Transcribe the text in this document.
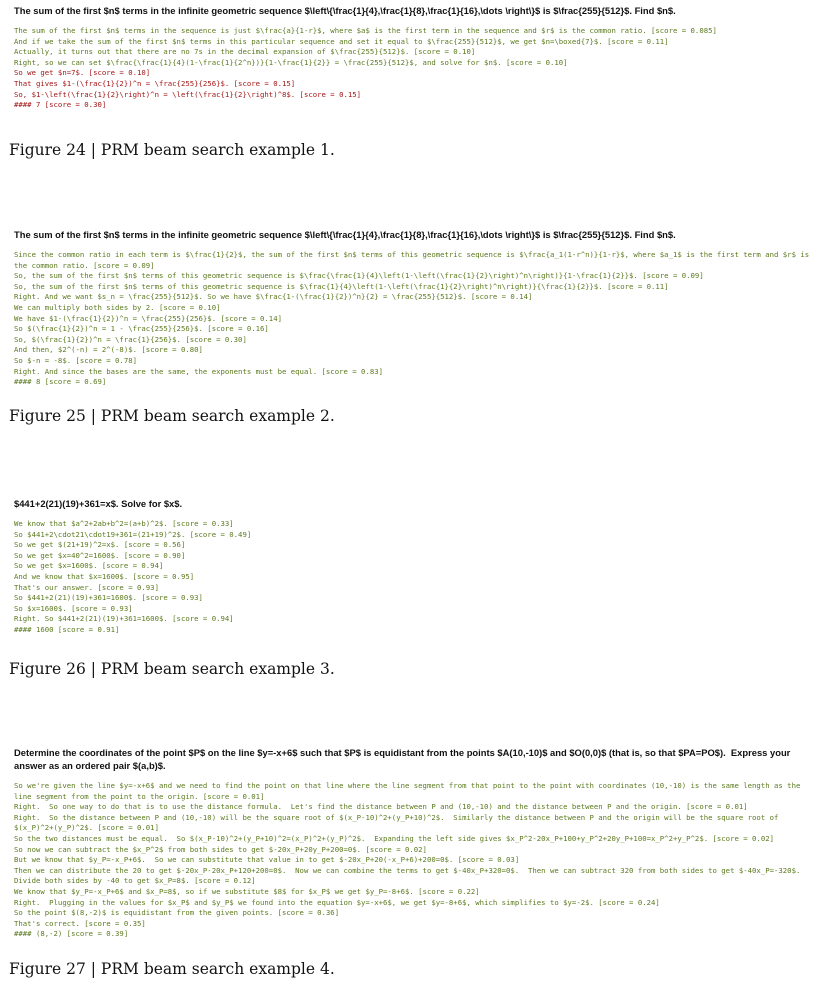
The sum of the first $n$ terms in the infinite geometric sequence $\left\{\frac{1}{4},\frac{1}{8},\frac{1}{16},\dots \right\}$ is $\frac{255}{512}$. Find $n$.
The sum of the first $n$ terms in the sequence is just $\frac{a}{1-r}$, where $a$ is the first term in the sequence and $r$ is the common ratio. [score = 0.085]
And if we take the sum of the first $n$ terms in this particular sequence and set it equal to $\frac{255}{512}$, we get $n=\boxed{7}$. [score = 0.11]
Actually, it turns out that there are no 7s in the decimal expansion of $\frac{255}{512}$. [score = 0.10]
Right, so we can set $\frac{\frac{1}{4}(1-\frac{1}{2^n})}{1-\frac{1}{2}} = \frac{255}{512}$, and solve for $n$. [score = 0.10]
So we get $n=7$. [score = 0.10]
That gives $1-(\frac{1}{2})^n = \frac{255}{256}$. [score = 0.15]
So, $1-\left(\frac{1}{2}\right)^n = \left(\frac{1}{2}\right)^8$. [score = 0.15]
#### 7 [score = 0.30]
Figure 24 | PRM beam search example 1.
The sum of the first $n$ terms in the infinite geometric sequence $\left\{\frac{1}{4},\frac{1}{8},\frac{1}{16},\dots \right\}$ is $\frac{255}{512}$. Find $n$.
Since the common ratio in each term is $\frac{1}{2}$, the sum of the first $n$ terms of this geometric sequence is $\frac{a_1(1-r^n)}{1-r}$, where $a_1$ is the first term and $r$ is the common ratio. [score = 0.09]
So, the sum of the first $n$ terms of this geometric sequence is $\frac{\frac{1}{4}\left(1-\left(\frac{1}{2}\right)^n\right)}{1-\frac{1}{2}}$. [score = 0.09]
So, the sum of the first $n$ terms of this geometric sequence is $\frac{1}{4}\left(1-\left(\frac{1}{2}\right)^n\right)}{\frac{1}{2}}$. [score = 0.11]
Right. And we want $s_n = \frac{255}{512}$. So we have $\frac{1-(\frac{1}{2})^n}{2} = \frac{255}{512}$. [score = 0.14]
We can multiply both sides by 2. [score = 0.10]
We have $1-(\frac{1}{2})^n = \frac{255}{256}$. [score = 0.14]
So $(\frac{1}{2})^n = 1 - \frac{255}{256}$. [score = 0.16]
So, $(\frac{1}{2})^n = \frac{1}{256}$. [score = 0.30]
And then, $2^(-n) = 2^(-8)$. [score = 0.80]
So $-n = -8$. [score = 0.78]
Right. And since the bases are the same, the exponents must be equal. [score = 0.83]
#### 8 [score = 0.69]
Figure 25 | PRM beam search example 2.
$441+2(21)(19)+361=x$. Solve for $x$.
We know that $a^2+2ab+b^2=(a+b)^2$. [score = 0.33]
So $441+2\cdot21\cdot19+361=(21+19)^2$. [score = 0.49]
So we get $(21+19)^2=x$. [score = 0.56]
So we get $x=40^2=1600$. [score = 0.90]
So we get $x=1600$. [score = 0.94]
And we know that $x=1600$. [score = 0.95]
That's our answer. [score = 0.93]
So $441+2(21)(19)+361=1600$. [score = 0.93]
So $x=1600$. [score = 0.93]
Right. So $441+2(21)(19)+361=1600$. [score = 0.94]
#### 1600 [score = 0.91]
Figure 26 | PRM beam search example 3.
Determine the coordinates of the point $P$ on the line $y=-x+6$ such that $P$ is equidistant from the points $A(10,-10)$ and $O(0,0)$ (that is, so that $PA=PO$).  Express your answer as an ordered pair $(a,b)$.
So we're given the line $y=-x+6$ and we need to find the point on that line where the line segment from that point to the point with coordinates (10,-10) is the same length as the line segment from the point to the origin. [score = 0.01]
Right.  So one way to do that is to use the distance formula.  Let's find the distance between P and (10,-10) and the distance between P and the origin. [score = 0.01]
Right.  So the distance between P and (10,-10) will be the square root of $(x_P-10)^2+(y_P+10)^2$.  Similarly the distance between P and the origin will be the square root of $(x_P)^2+(y_P)^2$. [score = 0.01]
So the two distances must be equal.  So $(x_P-10)^2+(y_P+10)^2=(x_P)^2+(y_P)^2$.  Expanding the left side gives $x_P^2-20x_P+100+y_P^2+20y_P+100=x_P^2+y_P^2$. [score = 0.02]
So now we can subtract the $x_P^2$ from both sides to get $-20x_P+20y_P+200=0$. [score = 0.02]
But we know that $y_P=-x_P+6$.  So we can substitute that value in to get $-20x_P+20(-x_P+6)+200=0$. [score = 0.03]
Then we can distribute the 20 to get $-20x_P-20x_P+120+200=0$.  Now we can combine the terms to get $-40x_P+320=0$.  Then we can subtract 320 from both sides to get $-40x_P=-320$.  Divide both sides by -40 to get $x_P=8$. [score = 0.12]
We know that $y_P=-x_P+6$ and $x_P=8$, so if we substitute $8$ for $x_P$ we get $y_P=-8+6$. [score = 0.22]
Right.  Plugging in the values for $x_P$ and $y_P$ we found into the equation $y=-x+6$, we get $y=-8+6$, which simplifies to $y=-2$. [score = 0.24]
So the point $(8,-2)$ is equidistant from the given points. [score = 0.36]
That's correct. [score = 0.35]
#### (8,-2) [score = 0.39]
Figure 27 | PRM beam search example 4.
